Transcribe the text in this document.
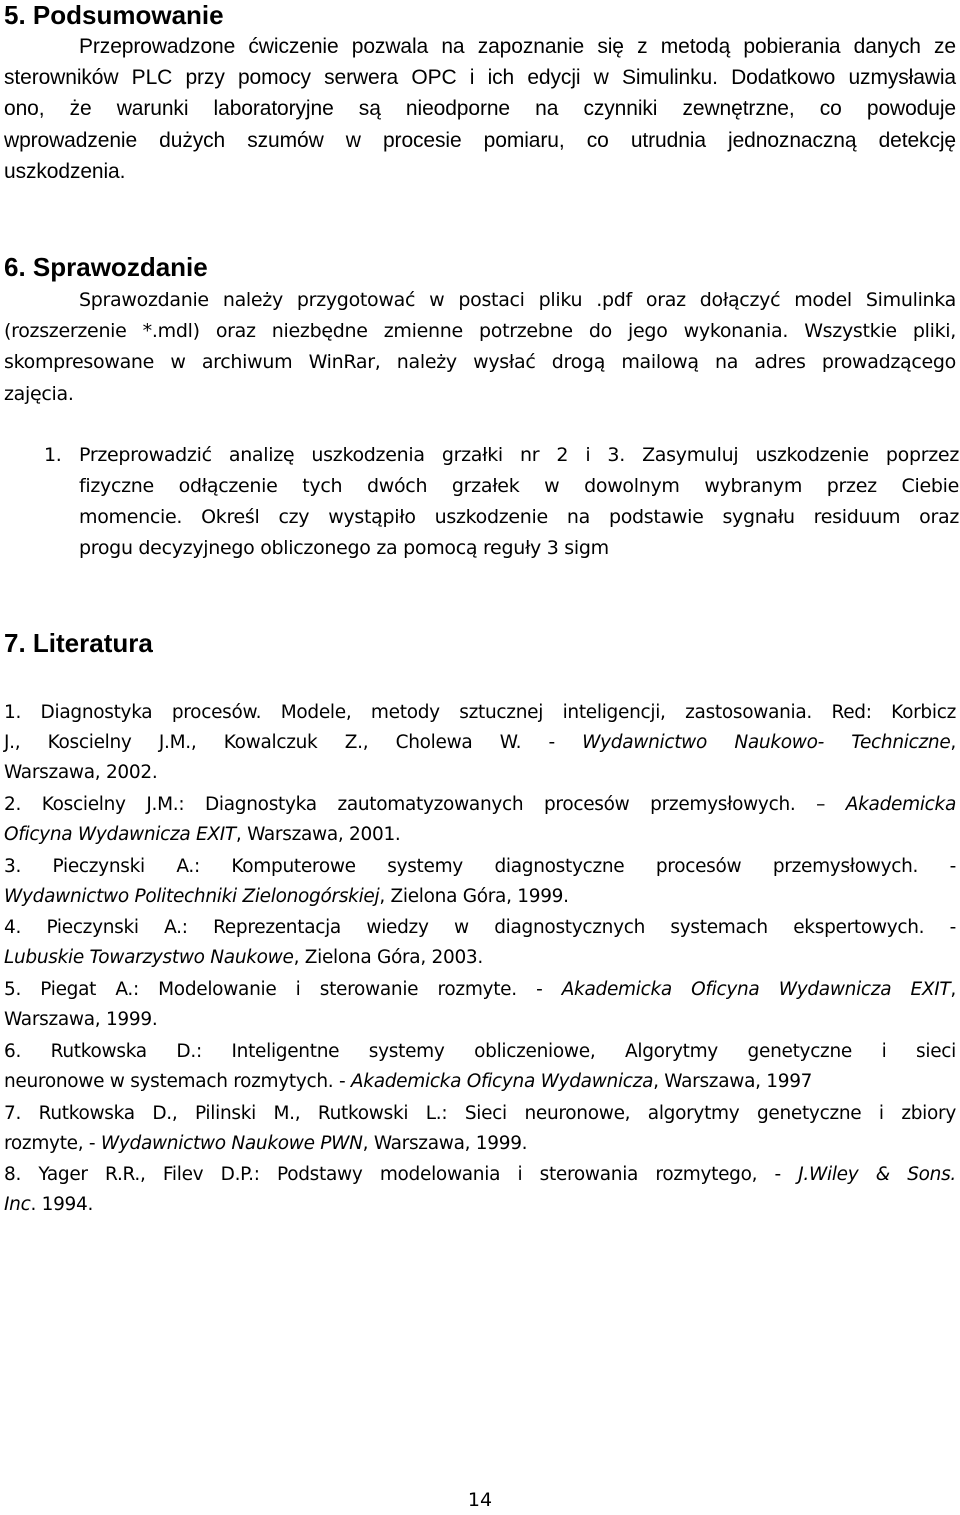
5. Podsumowanie

Przeprowadzone ćwiczenie pozwala na zapoznanie się z metodą pobierania danych ze

sterowników PLC przy pomocy serwera OPC i ich edycji w Simulinku. Dodatkowo uzmysławia

ono, że warunki laboratoryjne są nieodporne na czynniki zewnętrzne, co powoduje

wprowadzenie dużych szumów w procesie pomiaru, co utrudnia jednoznaczną detekcję

uszkodzenia.

6. Sprawozdanie

Sprawozdanie należy przygotować w postaci pliku .pdf oraz dołączyć model Simulinka

(rozszerzenie *.mdl) oraz niezbędne zmienne potrzebne do jego wykonania. Wszystkie pliki,

skompresowane w archiwum WinRar, należy wysłać drogą mailową na adres prowadzącego

zajęcia.

1. Przeprowadzić analizę uszkodzenia grzałki nr 2 i 3. Zasymuluj uszkodzenie poprzez

fizyczne odłączenie tych dwóch grzałek w dowolnym wybranym przez Ciebie

momencie. Określ czy wystąpiło uszkodzenie na podstawie sygnału residuum oraz

progu decyzyjnego obliczonego za pomocą reguły 3 sigm

7. Literatura

1. Diagnostyka procesów. Modele, metody sztucznej inteligencji, zastosowania. Red: Korbicz

J., Koscielny J.M., Kowalczuk Z., Cholewa W. - Wydawnictwo Naukowo- Techniczne,

Warszawa, 2002.

2. Koscielny J.M.: Diagnostyka zautomatyzowanych procesów przemysłowych. – Akademicka

Oficyna Wydawnicza EXIT, Warszawa, 2001.

3. Pieczynski A.: Komputerowe systemy diagnostyczne procesów przemysłowych. -

Wydawnictwo Politechniki Zielonogórskiej, Zielona Góra, 1999.

4. Pieczynski A.: Reprezentacja wiedzy w diagnostycznych systemach ekspertowych. -

Lubuskie Towarzystwo Naukowe, Zielona Góra, 2003.

5. Piegat A.: Modelowanie i sterowanie rozmyte. - Akademicka Oficyna Wydawnicza EXIT,

Warszawa, 1999.

6. Rutkowska D.: Inteligentne systemy obliczeniowe, Algorytmy genetyczne i sieci

neuronowe w systemach rozmytych. - Akademicka Oficyna Wydawnicza, Warszawa, 1997

7. Rutkowska D., Pilinski M., Rutkowski L.: Sieci neuronowe, algorytmy genetyczne i zbiory

rozmyte, - Wydawnictwo Naukowe PWN, Warszawa, 1999.

8. Yager R.R., Filev D.P.: Podstawy modelowania i sterowania rozmytego, - J.Wiley & Sons.

Inc. 1994.

14
